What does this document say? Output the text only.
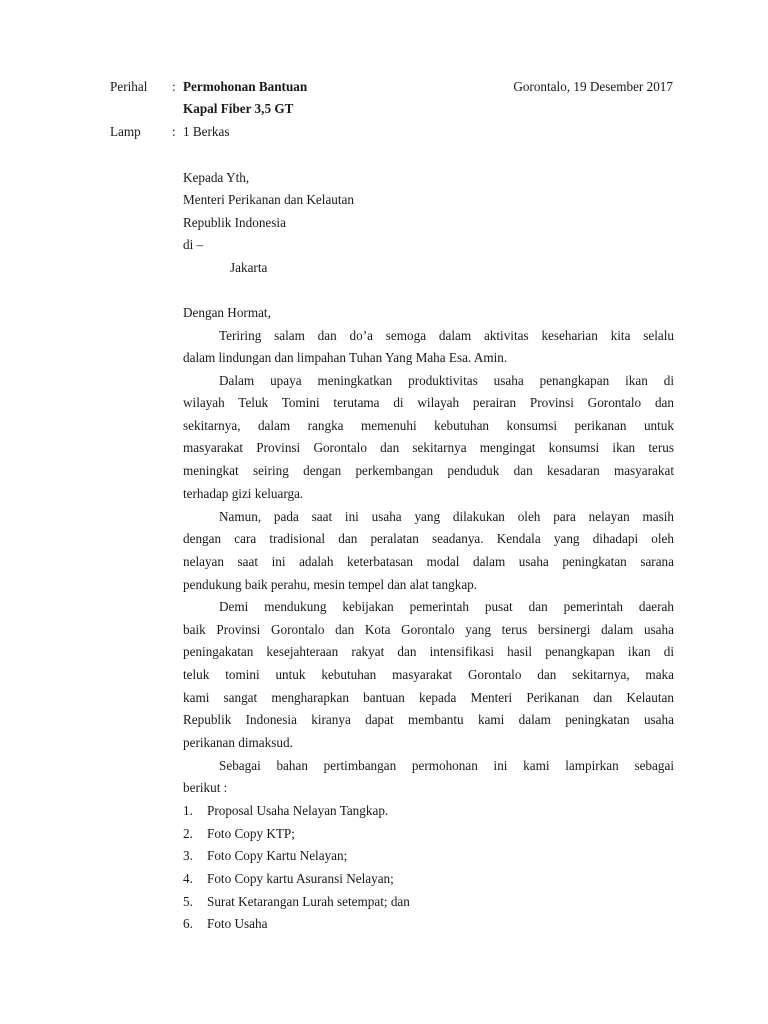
Perihal : Permohonan Bantuan	Gorontalo, 19 Desember 2017
Kapal Fiber 3,5 GT
Lamp : 1 Berkas
Kepada Yth,
Menteri Perikanan dan Kelautan
Republik Indonesia
di –
Jakarta
Dengan Hormat,
Teriring salam dan do’a semoga dalam aktivitas keseharian kita selalu
dalam lindungan dan limpahan Tuhan Yang Maha Esa. Amin.
Dalam upaya meningkatkan produktivitas usaha penangkapan ikan di
wilayah Teluk Tomini terutama di wilayah perairan Provinsi Gorontalo dan
sekitarnya, dalam rangka memenuhi kebutuhan konsumsi perikanan untuk
masyarakat Provinsi Gorontalo dan sekitarnya mengingat konsumsi ikan terus
meningkat seiring dengan perkembangan penduduk dan kesadaran masyarakat
terhadap gizi keluarga.
Namun, pada saat ini usaha yang dilakukan oleh para nelayan masih
dengan cara tradisional dan peralatan seadanya. Kendala yang dihadapi oleh
nelayan saat ini adalah keterbatasan modal dalam usaha peningkatan sarana
pendukung baik perahu, mesin tempel dan alat tangkap.
Demi mendukung kebijakan pemerintah pusat dan pemerintah daerah
baik Provinsi Gorontalo dan Kota Gorontalo yang terus bersinergi dalam usaha
peningakatan kesejahteraan rakyat dan intensifikasi hasil penangkapan ikan di
teluk tomini untuk kebutuhan masyarakat Gorontalo dan sekitarnya, maka
kami sangat mengharapkan bantuan kepada Menteri Perikanan dan Kelautan
Republik Indonesia kiranya dapat membantu kami dalam peningkatan usaha
perikanan dimaksud.
Sebagai bahan pertimbangan permohonan ini kami lampirkan sebagai
berikut :
1. Proposal Usaha Nelayan Tangkap.
2. Foto Copy KTP;
3. Foto Copy Kartu Nelayan;
4. Foto Copy kartu Asuransi Nelayan;
5. Surat Ketarangan Lurah setempat; dan
6. Foto Usaha
